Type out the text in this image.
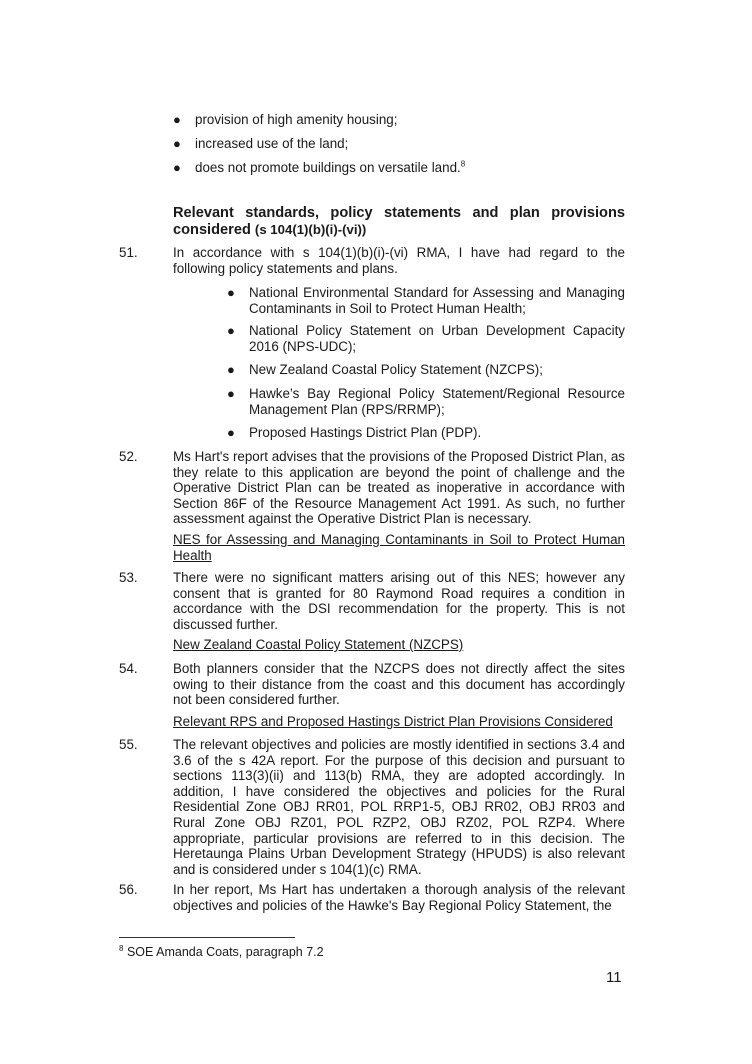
●	provision of high amenity housing;
●	increased use of the land;
●	does not promote buildings on versatile land.$^8$
Relevant standards, policy statements and plan provisions considered (s 104(1)(b)(i)-(vi))
51.	In accordance with s 104(1)(b)(i)-(vi) RMA, I have had regard to the following policy statements and plans.
●	National Environmental Standard for Assessing and Managing Contaminants in Soil to Protect Human Health;
●	National Policy Statement on Urban Development Capacity 2016 (NPS-UDC);
●	New Zealand Coastal Policy Statement (NZCPS);
●	Hawke’s Bay Regional Policy Statement/Regional Resource Management Plan (RPS/RRMP);
●	Proposed Hastings District Plan (PDP).
52.	Ms Hart's report advises that the provisions of the Proposed District Plan, as they relate to this application are beyond the point of challenge and the Operative District Plan can be treated as inoperative in accordance with Section 86F of the Resource Management Act 1991. As such, no further assessment against the Operative District Plan is necessary.
NES for Assessing and Managing Contaminants in Soil to Protect Human Health
53.	There were no significant matters arising out of this NES; however any consent that is granted for 80 Raymond Road requires a condition in accordance with the DSI recommendation for the property. This is not discussed further.
New Zealand Coastal Policy Statement (NZCPS)
54.	Both planners consider that the NZCPS does not directly affect the sites owing to their distance from the coast and this document has accordingly not been considered further.
Relevant RPS and Proposed Hastings District Plan Provisions Considered
55.	The relevant objectives and policies are mostly identified in sections 3.4 and 3.6 of the s 42A report. For the purpose of this decision and pursuant to sections 113(3)(ii) and 113(b) RMA, they are adopted accordingly. In addition, I have considered the objectives and policies for the Rural Residential Zone OBJ RR01, POL RRP1-5, OBJ RR02, OBJ RR03 and Rural Zone OBJ RZ01, POL RZP2, OBJ RZ02, POL RZP4. Where appropriate, particular provisions are referred to in this decision. The Heretaunga Plains Urban Development Strategy (HPUDS) is also relevant and is considered under s 104(1)(c) RMA.
56.	In her report, Ms Hart has undertaken a thorough analysis of the relevant objectives and policies of the Hawke's Bay Regional Policy Statement, the
$^8$ SOE Amanda Coats, paragraph 7.2
11
